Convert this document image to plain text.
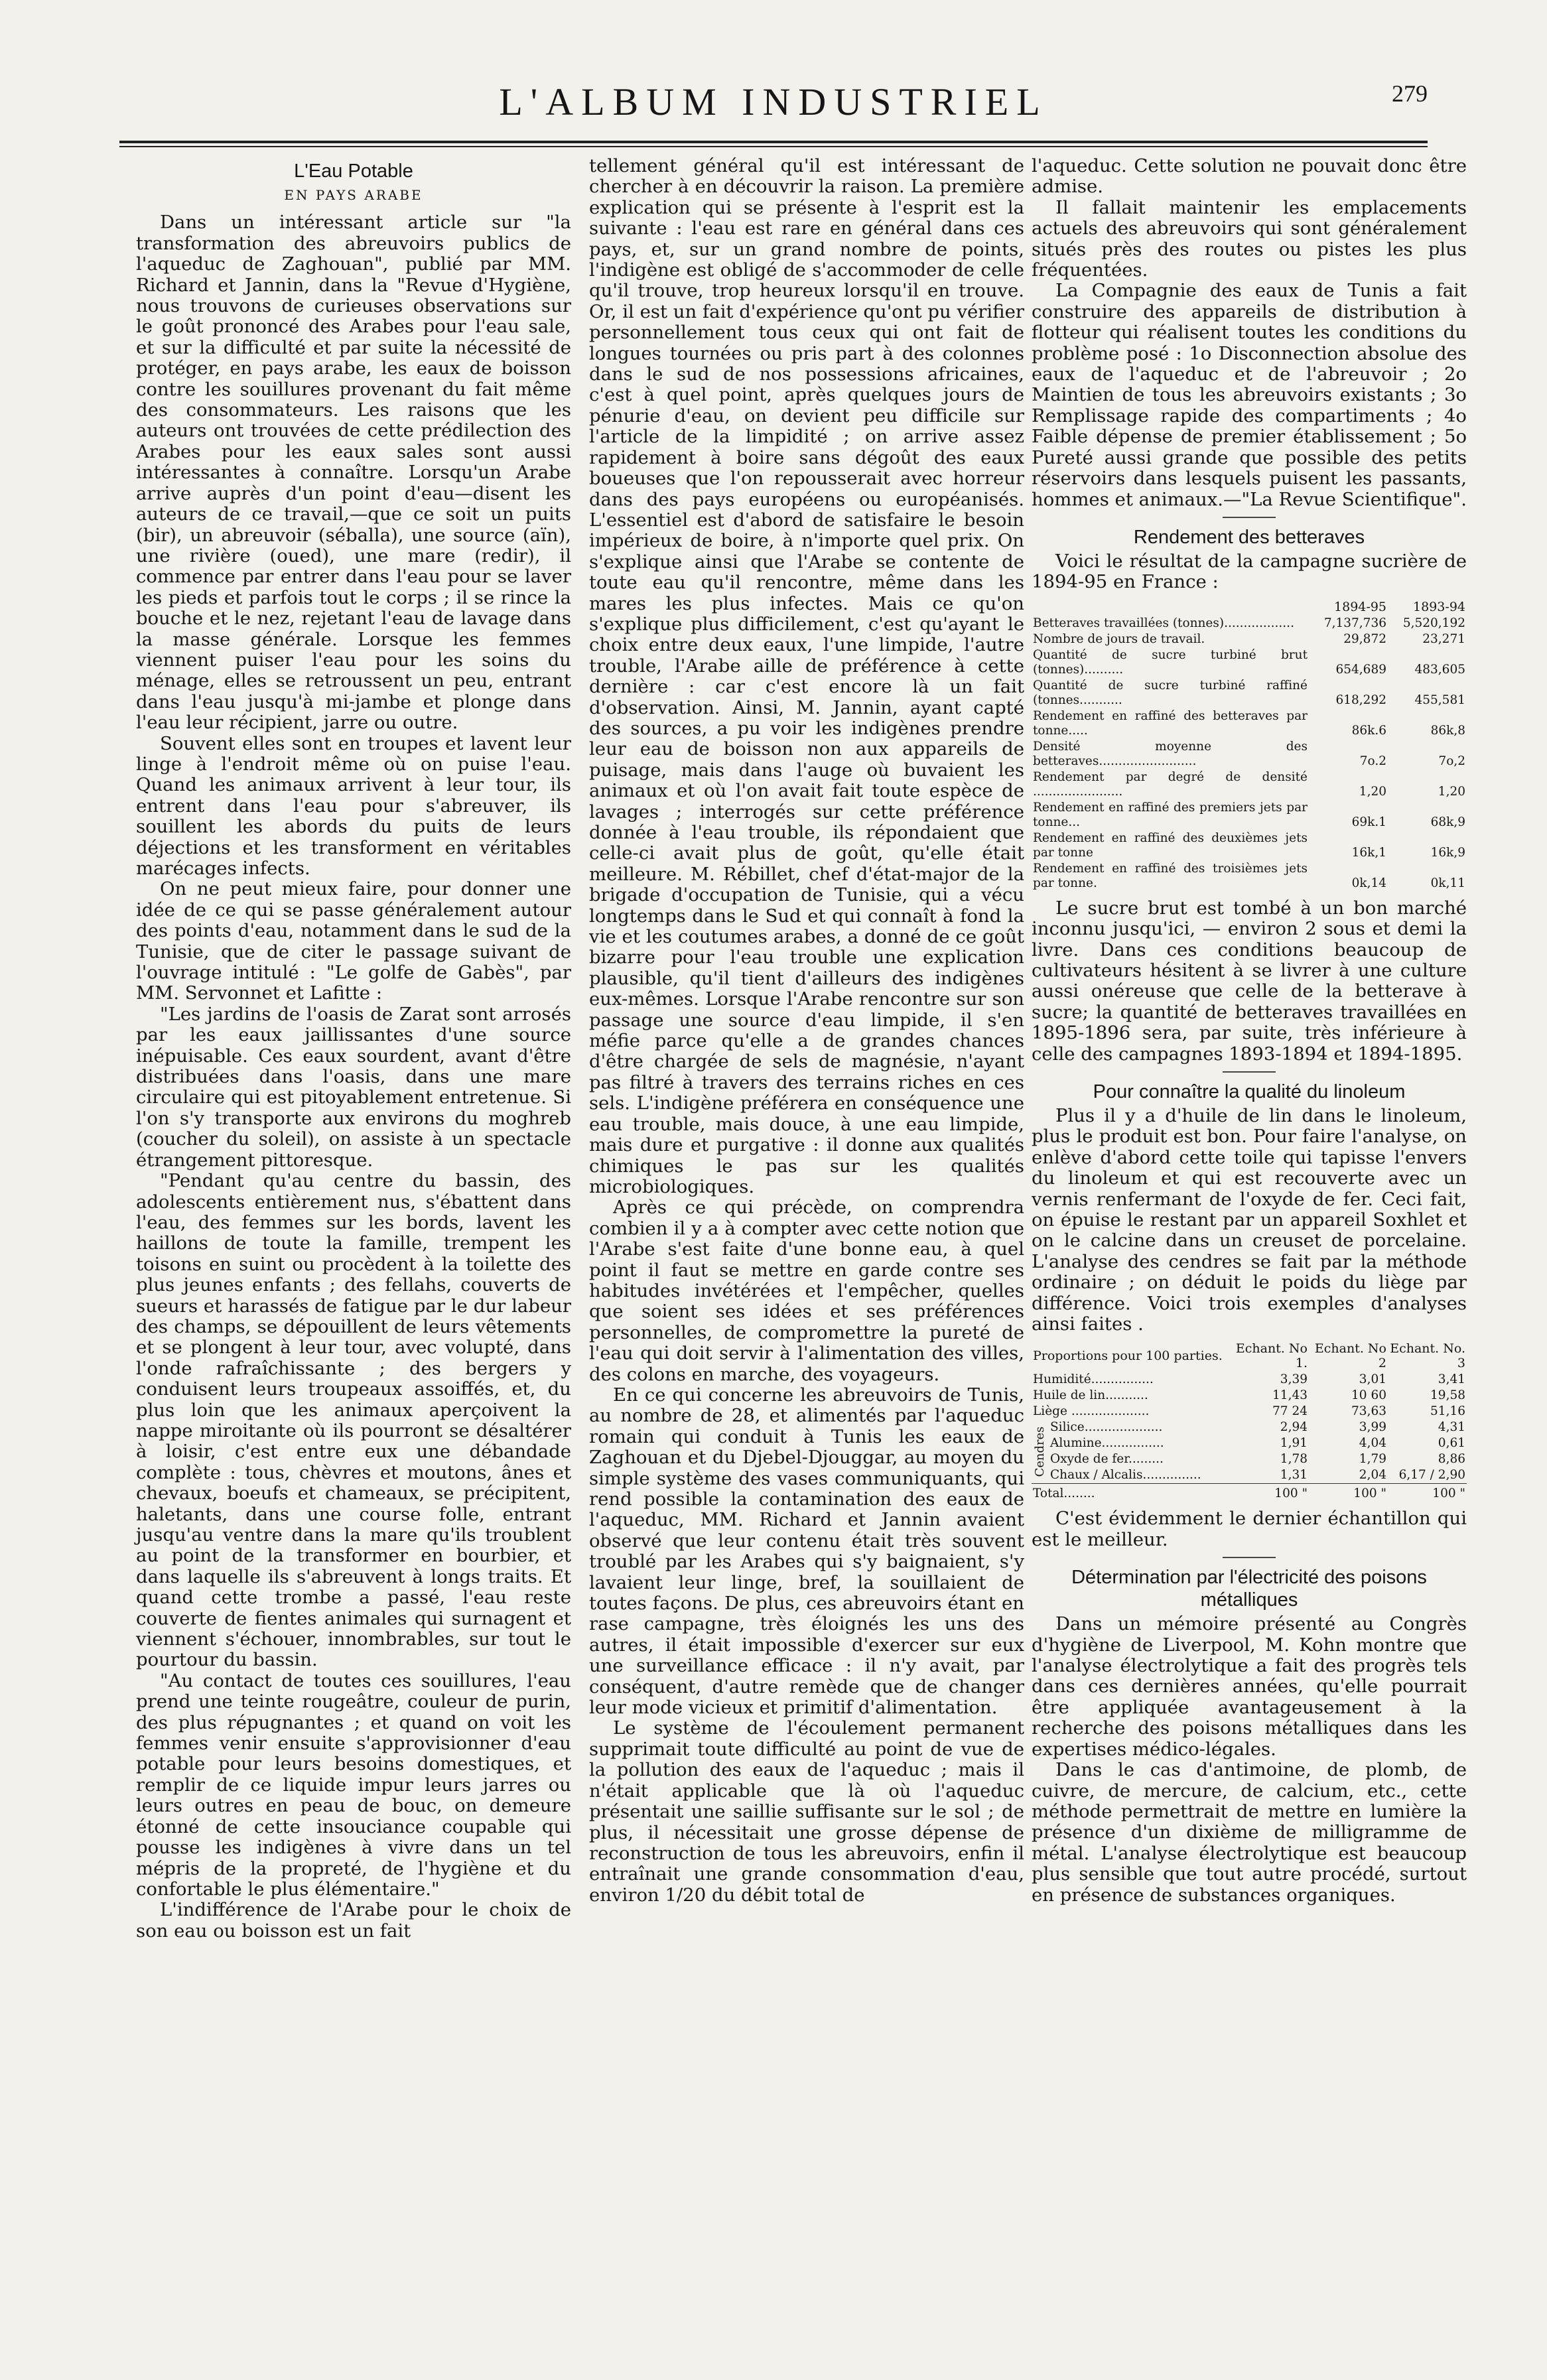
L'ALBUM INDUSTRIEL	279
L'Eau Potable
EN PAYS ARABE

Dans un intéressant article sur "la transformation des abreuvoirs publics de l'aqueduc de Zaghouan", publié par MM. Richard et Jannin, dans la "Revue d'Hygiène, nous trouvons de curieuses observations sur le goût prononcé des Arabes pour l'eau sale, et sur la difficulté et par suite la nécessité de protéger, en pays arabe, les eaux de boisson contre les souillures provenant du fait même des consommateurs. Les raisons que les auteurs ont trouvées de cette prédilection des Arabes pour les eaux sales sont aussi intéressantes à connaître. Lorsqu'un Arabe arrive auprès d'un point d'eau—disent les auteurs de ce travail,—que ce soit un puits (bir), un abreuvoir (séballa), une source (aïn), une rivière (oued), une mare (redir), il commence par entrer dans l'eau pour se laver les pieds et parfois tout le corps ; il se rince la bouche et le nez, rejetant l'eau de lavage dans la masse générale. Lorsque les femmes viennent puiser l'eau pour les soins du ménage, elles se retroussent un peu, entrant dans l'eau jusqu'à mi-jambe et plonge dans l'eau leur récipient, jarre ou outre.

Souvent elles sont en troupes et lavent leur linge à l'endroit même où on puise l'eau. Quand les animaux arrivent à leur tour, ils entrent dans l'eau pour s'abreuver, ils souillent les abords du puits de leurs déjections et les transforment en véritables marécages infects.

On ne peut mieux faire, pour donner une idée de ce qui se passe généralement autour des points d'eau, notamment dans le sud de la Tunisie, que de citer le passage suivant de l'ouvrage intitulé : "Le golfe de Gabès", par MM. Servonnet et Lafitte :

"Les jardins de l'oasis de Zarat sont arrosés par les eaux jaillissantes d'une source inépuisable. Ces eaux sourdent, avant d'être distribuées dans l'oasis, dans une mare circulaire qui est pitoyablement entretenue. Si l'on s'y transporte aux environs du moghreb (coucher du soleil), on assiste à un spectacle étrangement pittoresque.

"Pendant qu'au centre du bassin, des adolescents entièrement nus, s'ébattent dans l'eau, des femmes sur les bords, lavent les haillons de toute la famille, trempent les toisons en suint ou procèdent à la toilette des plus jeunes enfants ; des fellahs, couverts de sueurs et harassés de fatigue par le dur labeur des champs, se dépouillent de leurs vêtements et se plongent à leur tour, avec volupté, dans l'onde rafraîchissante ; des bergers y conduisent leurs troupeaux assoiffés, et, du plus loin que les animaux aperçoivent la nappe miroitante où ils pourront se désaltérer à loisir, c'est entre eux une débandade complète : tous, chèvres et moutons, ânes et chevaux, boeufs et chameaux, se précipitent, haletants, dans une course folle, entrant jusqu'au ventre dans la mare qu'ils troublent au point de la transformer en bourbier, et dans laquelle ils s'abreuvent à longs traits. Et quand cette trombe a passé, l'eau reste couverte de fientes animales qui surnagent et viennent s'échouer, innombrables, sur tout le pourtour du bassin.

"Au contact de toutes ces souillures, l'eau prend une teinte rougeâtre, couleur de purin, des plus répugnantes ; et quand on voit les femmes venir ensuite s'approvisionner d'eau potable pour leurs besoins domestiques, et remplir de ce liquide impur leurs jarres ou leurs outres en peau de bouc, on demeure étonné de cette insouciance coupable qui pousse les indigènes à vivre dans un tel mépris de la propreté, de l'hygiène et du confortable le plus élémentaire."

L'indifférence de l'Arabe pour le choix de son eau ou boisson est un fait

tellement général qu'il est intéressant de chercher à en découvrir la raison. La première explication qui se présente à l'esprit est la suivante : l'eau est rare en général dans ces pays, et, sur un grand nombre de points, l'indigène est obligé de s'accommoder de celle qu'il trouve, trop heureux lorsqu'il en trouve. Or, il est un fait d'expérience qu'ont pu vérifier personnellement tous ceux qui ont fait de longues tournées ou pris part à des colonnes dans le sud de nos possessions africaines, c'est à quel point, après quelques jours de pénurie d'eau, on devient peu difficile sur l'article de la limpidité ; on arrive assez rapidement à boire sans dégoût des eaux boueuses que l'on repousserait avec horreur dans des pays européens ou européanisés. L'essentiel est d'abord de satisfaire le besoin impérieux de boire, à n'importe quel prix. On s'explique ainsi que l'Arabe se contente de toute eau qu'il rencontre, même dans les mares les plus infectes. Mais ce qu'on s'explique plus difficilement, c'est qu'ayant le choix entre deux eaux, l'une limpide, l'autre trouble, l'Arabe aille de préférence à cette dernière : car c'est encore là un fait d'observation. Ainsi, M. Jannin, ayant capté des sources, a pu voir les indigènes prendre leur eau de boisson non aux appareils de puisage, mais dans l'auge où buvaient les animaux et où l'on avait fait toute espèce de lavages ; interrogés sur cette préférence donnée à l'eau trouble, ils répondaient que celle-ci avait plus de goût, qu'elle était meilleure. M. Rébillet, chef d'état-major de la brigade d'occupation de Tunisie, qui a vécu longtemps dans le Sud et qui connaît à fond la vie et les coutumes arabes, a donné de ce goût bizarre pour l'eau trouble une explication plausible, qu'il tient d'ailleurs des indigènes eux-mêmes. Lorsque l'Arabe rencontre sur son passage une source d'eau limpide, il s'en méfie parce qu'elle a de grandes chances d'être chargée de sels de magnésie, n'ayant pas filtré à travers des terrains riches en ces sels. L'indigène préférera en conséquence une eau trouble, mais douce, à une eau limpide, mais dure et purgative : il donne aux qualités chimiques le pas sur les qualités microbiologiques.

Après ce qui précède, on comprendra combien il y a à compter avec cette notion que l'Arabe s'est faite d'une bonne eau, à quel point il faut se mettre en garde contre ses habitudes invétérées et l'empêcher, quelles que soient ses idées et ses préférences personnelles, de compromettre la pureté de l'eau qui doit servir à l'alimentation des villes, des colons en marche, des voyageurs.

En ce qui concerne les abreuvoirs de Tunis, au nombre de 28, et alimentés par l'aqueduc romain qui conduit à Tunis les eaux de Zaghouan et du Djebel-Djouggar, au moyen du simple système des vases communiquants, qui rend possible la contamination des eaux de l'aqueduc, MM. Richard et Jannin avaient observé que leur contenu était très souvent troublé par les Arabes qui s'y baignaient, s'y lavaient leur linge, bref, la souillaient de toutes façons. De plus, ces abreuvoirs étant en rase campagne, très éloignés les uns des autres, il était impossible d'exercer sur eux une surveillance efficace : il n'y avait, par conséquent, d'autre remède que de changer leur mode vicieux et primitif d'alimentation.

Le système de l'écoulement permanent supprimait toute difficulté au point de vue de la pollution des eaux de l'aqueduc ; mais il n'était applicable que là où l'aqueduc présentait une saillie suffisante sur le sol ; de plus, il nécessitait une grosse dépense de reconstruction de tous les abreuvoirs, enfin il entraînait une grande consommation d'eau, environ 1/20 du débit total de

l'aqueduc. Cette solution ne pouvait donc être admise.

Il fallait maintenir les emplacements actuels des abreuvoirs qui sont généralement situés près des routes ou pistes les plus fréquentées.

La Compagnie des eaux de Tunis a fait construire des appareils de distribution à flotteur qui réalisent toutes les conditions du problème posé : 1o Disconnection absolue des eaux de l'aqueduc et de l'abreuvoir ; 2o Maintien de tous les abreuvoirs existants ; 3o Remplissage rapide des compartiments ; 4o Faible dépense de premier établissement ; 5o Pureté aussi grande que possible des petits réservoirs dans lesquels puisent les passants, hommes et animaux.—"La Revue Scientifique".

Rendement des betteraves

Voici le résultat de la campagne sucrière de 1894-95 en France :

	1894-95	1893-94
Betteraves travaillées (tonnes)..................	7,137,736	5,520,192
Nombre de jours de travail.	29,872	23,271
Quantité de sucre turbiné brut (tonnes)..........	654,689	483,605
Quantité de sucre turbiné raffiné (tonnes...........	618,292	455,581
Rendement en raffiné des betteraves par tonne.....	86k.6	86k,8
Densité moyenne des betteraves.........................	7o.2	7o,2
Rendement par degré de densité .......................	1,20	1,20
Rendement en raffiné des premiers jets par tonne...	69k.1	68k,9
Rendement en raffiné des deuxièmes jets par tonne	16k,1	16k,9
Rendement en raffiné des troisièmes jets par tonne.	0k,14	0k,11

Le sucre brut est tombé à un bon marché inconnu jusqu'ici, — environ 2 sous et demi la livre. Dans ces conditions beaucoup de cultivateurs hésitent à se livrer à une culture aussi onéreuse que celle de la betterave à sucre; la quantité de betteraves travaillées en 1895-1896 sera, par suite, très inférieure à celle des campagnes 1893-1894 et 1894-1895.

Pour connaître la qualité du linoleum

Plus il y a d'huile de lin dans le linoleum, plus le produit est bon. Pour faire l'analyse, on enlève d'abord cette toile qui tapisse l'envers du linoleum et qui est recouverte avec un vernis renfermant de l'oxyde de fer. Ceci fait, on épuise le restant par un appareil Soxhlet et on le calcine dans un creuset de porcelaine. L'analyse des cendres se fait par la méthode ordinaire ; on déduit le poids du liège par différence. Voici trois exemples d'analyses ainsi faites .

Proportions pour 100 parties.		Echant. No 1.	Echant. No 2	Echant. No. 3
Humidité................		3,39	3,01	3,41
Huile de lin...........		11,43	10 60	19,58
Liège ....................		77 24	73,63	51,16
Cendres	Silice....................	2,94	3,99	4,31
	Alumine................	1,91	4,04	0,61
	Oxyde de fer.........	1,78	1,79	8,86
	Chaux / Alcalis...............	1,31	2,04	6,17 / 2,90
Total........		100 "	100 "	100 "

C'est évidemment le dernier échantillon qui est le meilleur.

Détermination par l'électricité des poisons métalliques

Dans un mémoire présenté au Congrès d'hygiène de Liverpool, M. Kohn montre que l'analyse électrolytique a fait des progrès tels dans ces dernières années, qu'elle pourrait être appliquée avantageusement à la recherche des poisons métalliques dans les expertises médico-légales.

Dans le cas d'antimoine, de plomb, de cuivre, de mercure, de calcium, etc., cette méthode permettrait de mettre en lumière la présence d'un dixième de milligramme de métal. L'analyse électrolytique est beaucoup plus sensible que tout autre procédé, surtout en présence de substances organiques.
